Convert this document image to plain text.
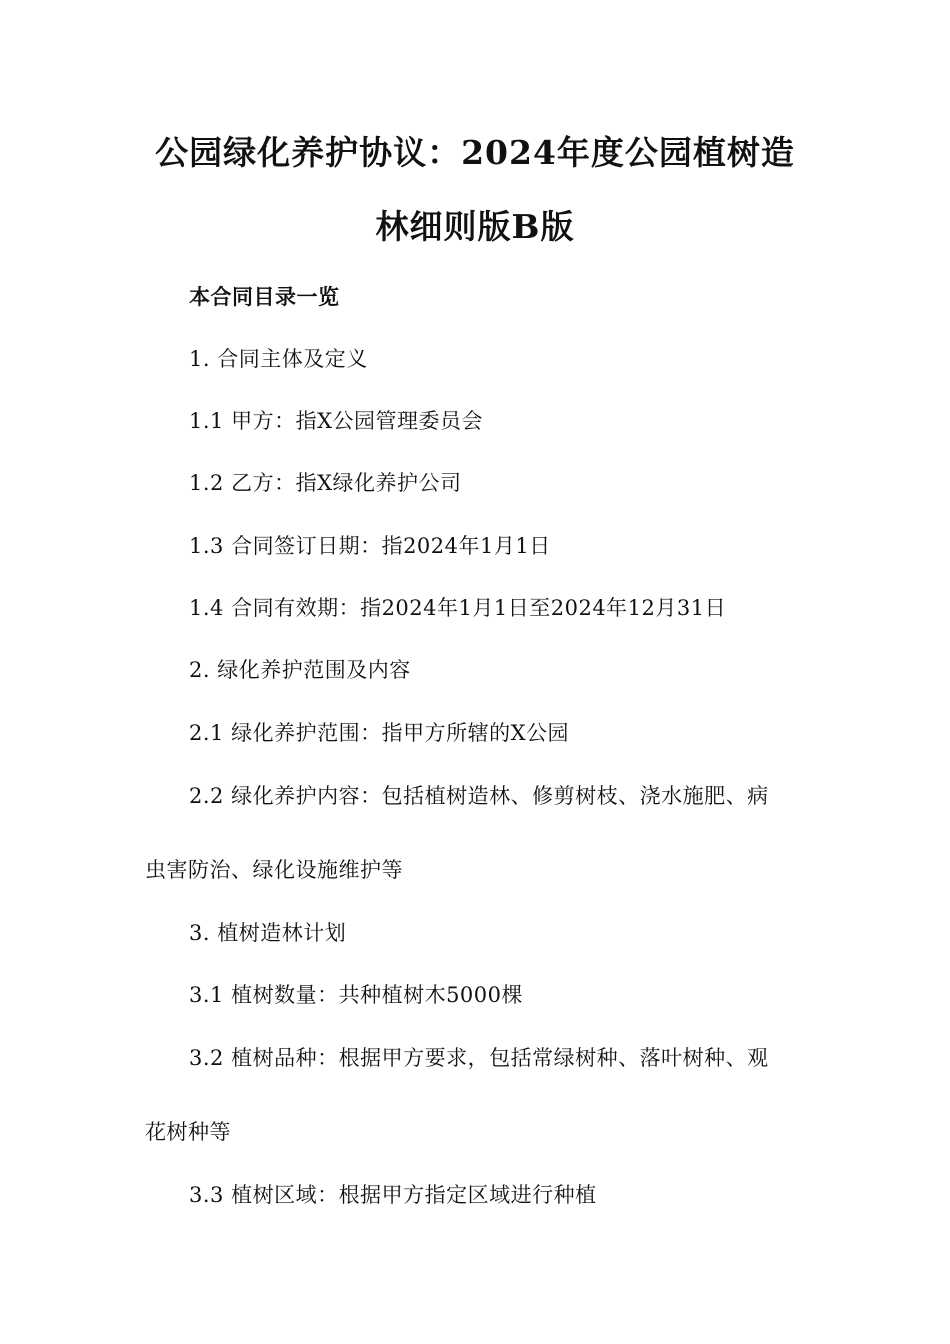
公园绿化养护协议：2024年度公园植树造
林细则版B版
本合同目录一览
1. 合同主体及定义
1.1 甲方：指X公园管理委员会
1.2 乙方：指X绿化养护公司
1.3 合同签订日期：指2024年1月1日
1.4 合同有效期：指2024年1月1日至2024年12月31日
2. 绿化养护范围及内容
2.1 绿化养护范围：指甲方所辖的X公园
2.2 绿化养护内容：包括植树造林、修剪树枝、浇水施肥、病
虫害防治、绿化设施维护等
3. 植树造林计划
3.1 植树数量：共种植树木5000棵
3.2 植树品种：根据甲方要求，包括常绿树种、落叶树种、观
花树种等
3.3 植树区域：根据甲方指定区域进行种植
